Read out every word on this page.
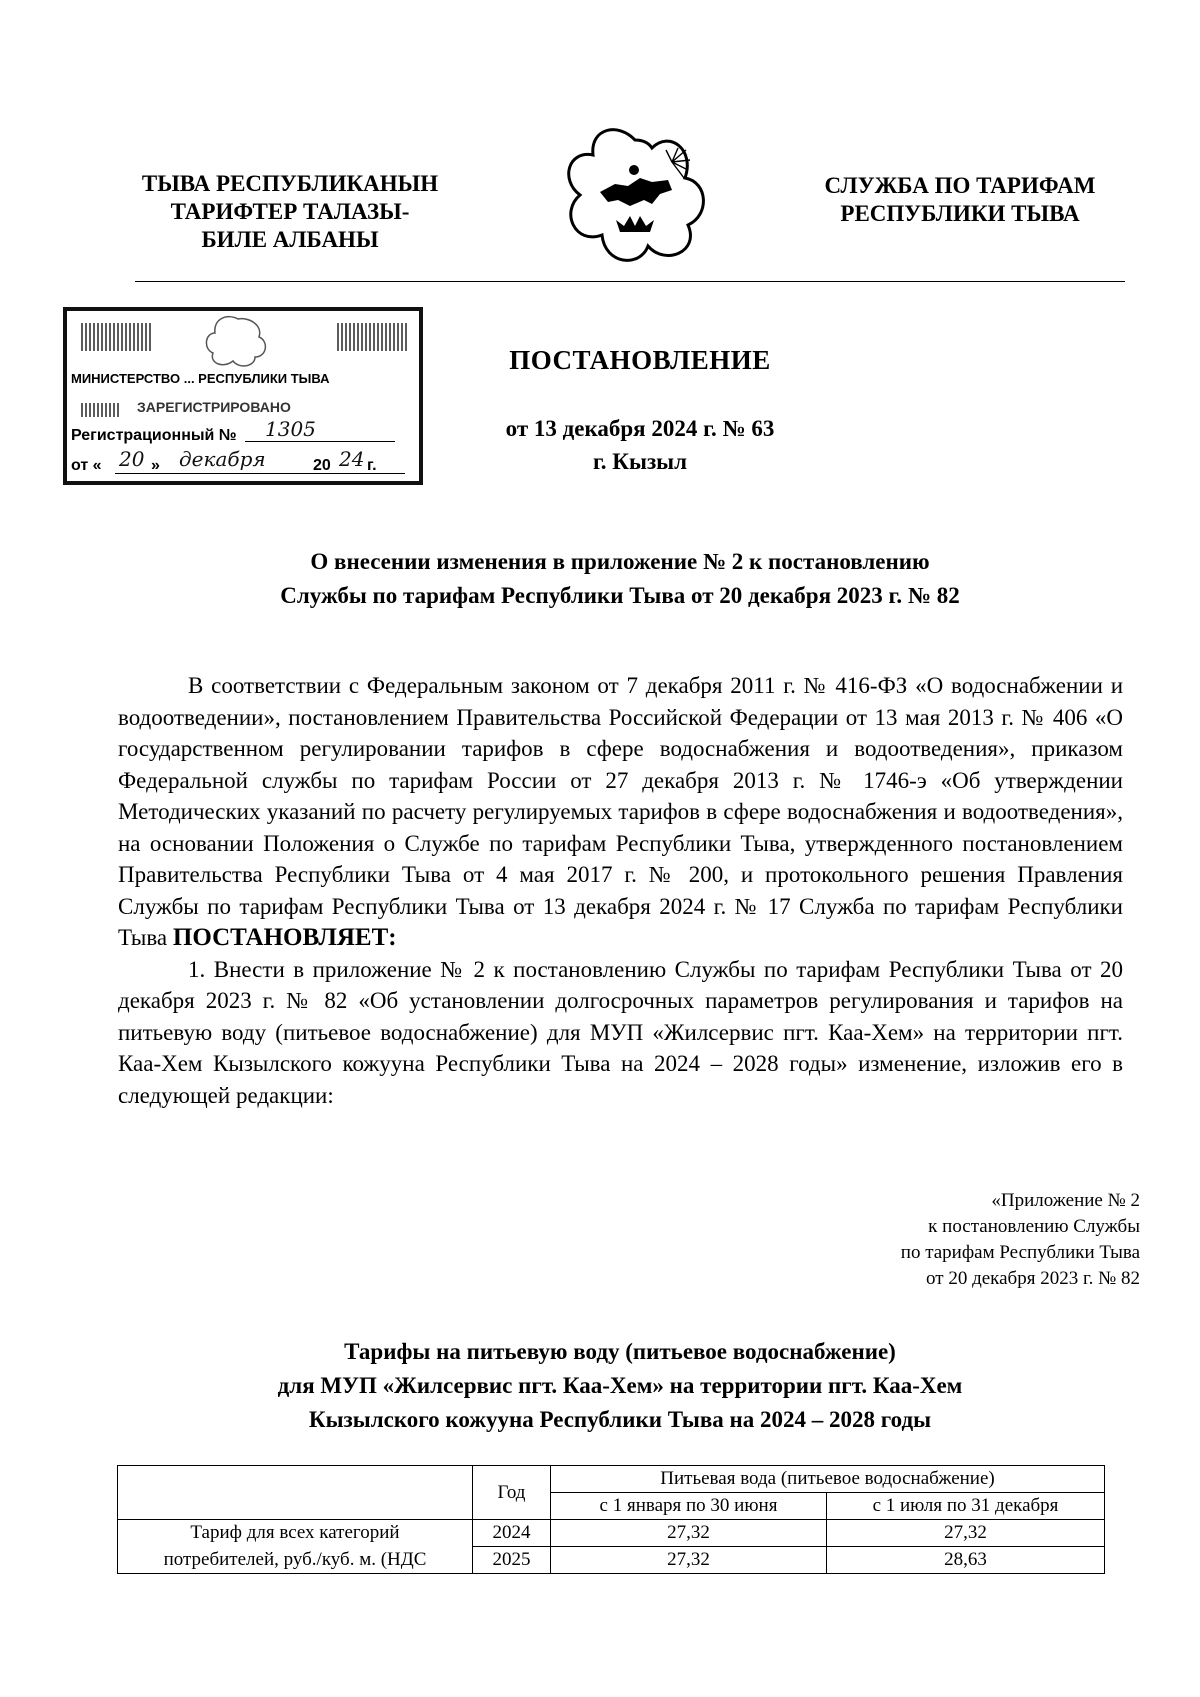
ТЫВА РЕСПУБЛИКАНЫН
ТАРИФТЕР ТАЛАЗЫ-
БИЛЕ АЛБАНЫ
СЛУЖБА ПО ТАРИФАМ
РЕСПУБЛИКИ ТЫВА
МИНИСТЕРСТВО ... РЕСПУБЛИКИ ТЫВА
ЗАРЕГИСТРИРОВАНО
Регистрационный № 1305
от « 20 » декабря	20 24 г.
ПОСТАНОВЛЕНИЕ
от 13 декабря 2024 г. № 63
г. Кызыл
О внесении изменения в приложение № 2 к постановлению
Службы по тарифам Республики Тыва от 20 декабря 2023 г. № 82

В соответствии с Федеральным законом от 7 декабря 2011 г. № 416-ФЗ «О водоснабжении и водоотведении», постановлением Правительства Российской Федерации от 13 мая 2013 г. № 406 «О государственном регулировании тарифов в сфере водоснабжения и водоотведения», приказом Федеральной службы по тарифам России от 27 декабря 2013 г. № 1746-э «Об утверждении Методических указаний по расчету регулируемых тарифов в сфере водоснабжения и водоотведения», на основании Положения о Службе по тарифам Республики Тыва, утвержденного постановлением Правительства Республики Тыва от 4 мая 2017 г. № 200, и протокольного решения Правления Службы по тарифам Республики Тыва от 13 декабря 2024 г. № 17 Служба по тарифам Республики Тыва ПОСТАНОВЛЯЕТ:

1. Внести в приложение № 2 к постановлению Службы по тарифам Республики Тыва от 20 декабря 2023 г. № 82 «Об установлении долгосрочных параметров регулирования и тарифов на питьевую воду (питьевое водоснабжение) для МУП «Жилсервис пгт. Каа-Хем» на территории пгт. Каа-Хем Кызылского кожууна Республики Тыва на 2024 – 2028 годы» изменение, изложив его в следующей редакции:

«Приложение № 2
к постановлению Службы
по тарифам Республики Тыва
от 20 декабря 2023 г. № 82
Тарифы на питьевую воду (питьевое водоснабжение)
для МУП «Жилсервис пгт. Каа-Хем» на территории пгт. Каа-Хем
Кызылского кожууна Республики Тыва на 2024 – 2028 годы
	Год	Питьевая вода (питьевое водоснабжение)	
		с 1 января по 30 июня	с 1 июля по 31 декабря
Тариф для всех категорий	2024	27,32	27,32
потребителей, руб./куб. м. (НДС	2025	27,32	28,63
